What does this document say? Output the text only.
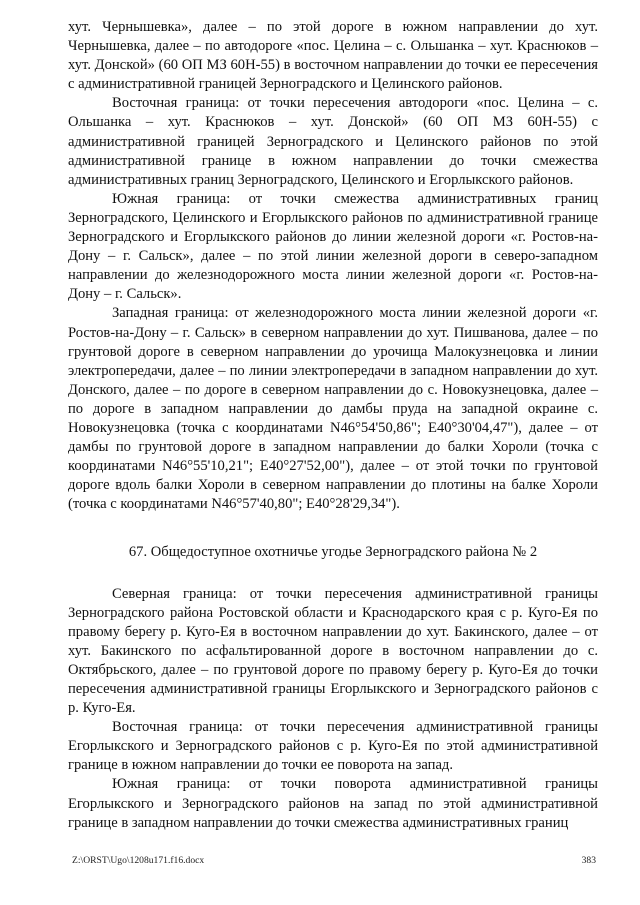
хут. Чернышевка», далее – по этой дороге в южном направлении до хут. Чернышевка, далее – по автодороге «пос. Целина – с. Ольшанка – хут. Краснюков – хут. Донской» (60 ОП МЗ 60Н-55) в восточном направлении до точки ее пересечения с административной границей Зерноградского и Целинского районов.

Восточная граница: от точки пересечения автодороги «пос. Целина – с. Ольшанка – хут. Краснюков – хут. Донской» (60 ОП МЗ 60Н-55) с административной границей Зерноградского и Целинского районов по этой административной границе в южном направлении до точки смежества административных границ Зерноградского, Целинского и Егорлыкского районов.

Южная граница: от точки смежества административных границ Зерноградского, Целинского и Егорлыкского районов по административной границе Зерноградского и Егорлыкского районов до линии железной дороги «г. Ростов-на-Дону – г. Сальск», далее – по этой линии железной дороги в северо-западном направлении до железнодорожного моста линии железной дороги «г. Ростов-на-Дону – г. Сальск».

Западная граница: от железнодорожного моста линии железной дороги «г. Ростов-на-Дону – г. Сальск» в северном направлении до хут. Пишванова, далее – по грунтовой дороге в северном направлении до урочища Малокузнецовка и линии электропередачи, далее – по линии электропередачи в западном направлении до хут. Донского, далее – по дороге в северном направлении до с. Новокузнецовка, далее – по дороге в западном направлении до дамбы пруда на западной окраине с. Новокузнецовка (точка с координатами N46°54'50,86"; E40°30'04,47"), далее – от дамбы по грунтовой дороге в западном направлении до балки Хороли (точка с координатами N46°55'10,21"; E40°27'52,00"), далее – от этой точки по грунтовой дороге вдоль балки Хороли в северном направлении до плотины на балке Хороли (точка с координатами N46°57'40,80"; E40°28'29,34").

67. Общедоступное охотничье угодье Зерноградского района № 2

Северная граница: от точки пересечения административной границы Зерноградского района Ростовской области и Краснодарского края с р. Куго-Ея по правому берегу р. Куго-Ея в восточном направлении до хут. Бакинского, далее – от хут. Бакинского по асфальтированной дороге в восточном направлении до с. Октябрьского, далее – по грунтовой дороге по правому берегу р. Куго-Ея до точки пересечения административной границы Егорлыкского и Зерноградского районов с р. Куго-Ея.

Восточная граница: от точки пересечения административной границы Егорлыкского и Зерноградского районов с р. Куго-Ея по этой административной границе в южном направлении до точки ее поворота на запад.

Южная граница: от точки поворота административной границы Егорлыкского и Зерноградского районов на запад по этой административной границе в западном направлении до точки смежества административных границ

Z:\ORST\Ugo\1208u171.f16.docx	383
